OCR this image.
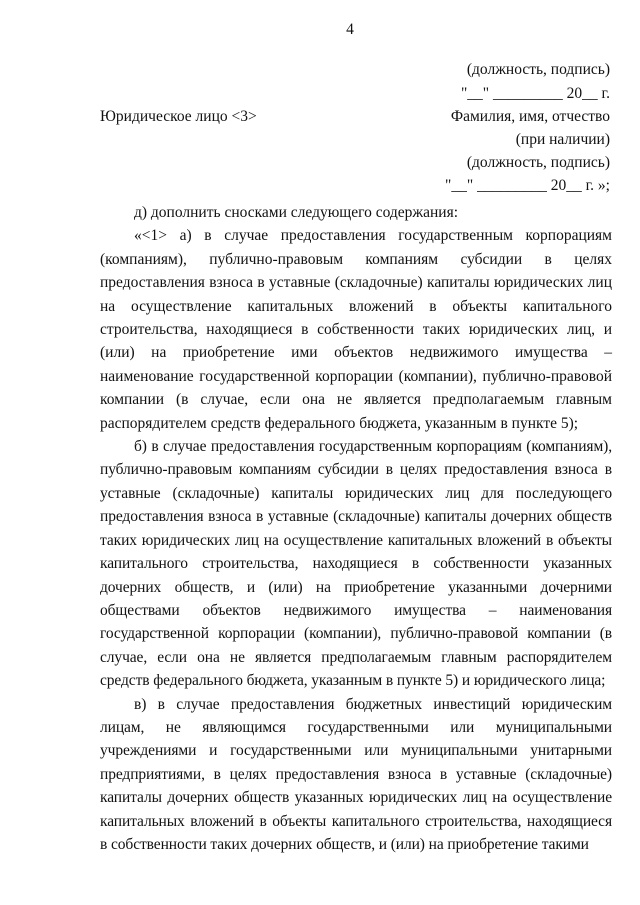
4
(должность, подпись)
"__" _________ 20__ г.
Юридическое лицо <3>	Фамилия, имя, отчество
(при наличии)
(должность, подпись)
"__" _________ 20__ г. »;

д) дополнить сносками следующего содержания:

«<1> а) в случае предоставления государственным корпорациям (компаниям), публично-правовым компаниям субсидии в целях предоставления взноса в уставные (складочные) капиталы юридических лиц на осуществление капитальных вложений в объекты капитального строительства, находящиеся в собственности таких юридических лиц, и (или) на приобретение ими объектов недвижимого имущества – наименование государственной корпорации (компании), публично-правовой компании (в случае, если она не является предполагаемым главным распорядителем средств федерального бюджета, указанным в пункте 5);

б) в случае предоставления государственным корпорациям (компаниям), публично-правовым компаниям субсидии в целях предоставления взноса в уставные (складочные) капиталы юридических лиц для последующего предоставления взноса в уставные (складочные) капиталы дочерних обществ таких юридических лиц на осуществление капитальных вложений в объекты капитального строительства, находящиеся в собственности указанных дочерних обществ, и (или) на приобретение указанными дочерними обществами объектов недвижимого имущества – наименования государственной корпорации (компании), публично-правовой компании (в случае, если она не является предполагаемым главным распорядителем средств федерального бюджета, указанным в пункте 5) и юридического лица;

в) в случае предоставления бюджетных инвестиций юридическим лицам, не являющимся государственными или муниципальными учреждениями и государственными или муниципальными унитарными предприятиями, в целях предоставления взноса в уставные (складочные) капиталы дочерних обществ указанных юридических лиц на осуществление капитальных вложений в объекты капитального строительства, находящиеся в собственности таких дочерних обществ, и (или) на приобретение такими
